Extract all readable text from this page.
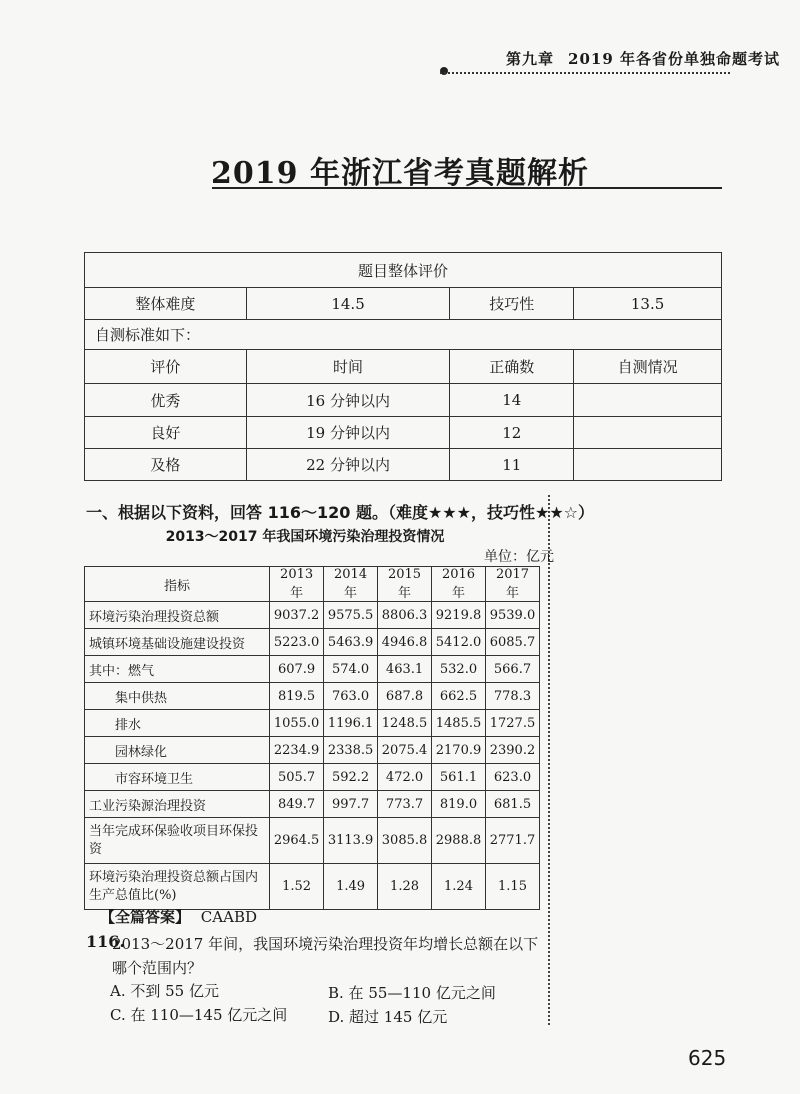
第九章 2019 年各省份单独命题考试
2019 年浙江省考真题解析
题目整体评价			
整体难度	14.5	技巧性	13.5
自测标准如下：			
评价	时间	正确数	自测情况
优秀	16 分钟以内	14	
良好	19 分钟以内	12	
及格	22 分钟以内	11	
一、根据以下资料，回答 116～120 题。（难度★★★，技巧性★★☆）
2013～2017 年我国环境污染治理投资情况
单位：亿元
指标	2013 年	2014 年	2015 年	2016 年	2017 年
环境污染治理投资总额	9037.2	9575.5	8806.3	9219.8	9539.0
城镇环境基础设施建设投资	5223.0	5463.9	4946.8	5412.0	6085.7
其中：燃气	607.9	574.0	463.1	532.0	566.7
集中供热	819.5	763.0	687.8	662.5	778.3
排水	1055.0	1196.1	1248.5	1485.5	1727.5
园林绿化	2234.9	2338.5	2075.4	2170.9	2390.2
市容环境卫生	505.7	592.2	472.0	561.1	623.0
工业污染源治理投资	849.7	997.7	773.7	819.0	681.5
当年完成环保验收项目环保投资	2964.5	3113.9	3085.8	2988.8	2771.7
环境污染治理投资总额占国内生产总值比(%)	1.52	1.49	1.28	1.24	1.15
【全篇答案】 CAABD
116.
2013～2017 年间，我国环境污染治理投资年均增长总额在以下哪个范围内？
A. 不到 55 亿元	B. 在 55—110 亿元之间
C. 在 110—145 亿元之间	D. 超过 145 亿元
625
